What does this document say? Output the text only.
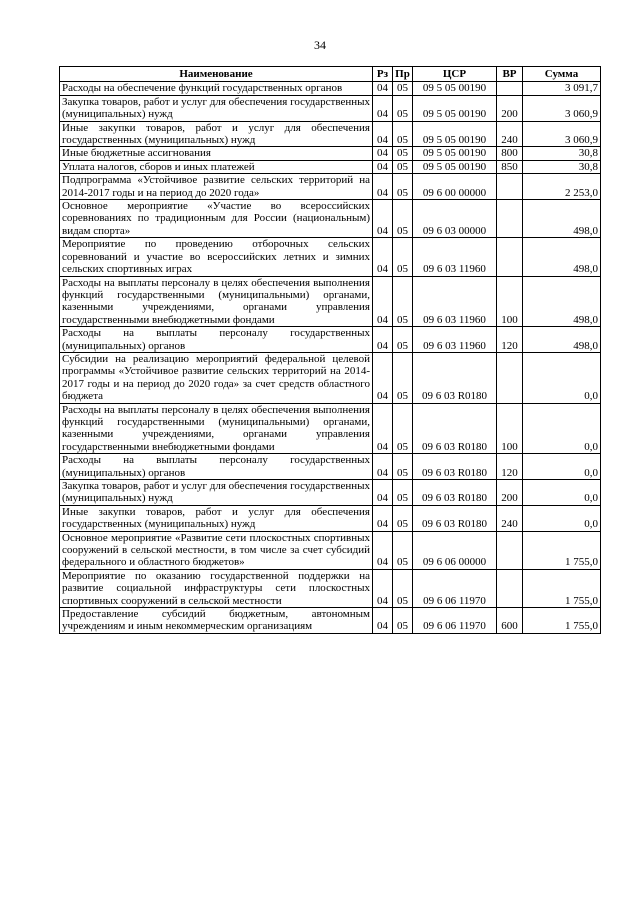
34
Наименование	Рз	Пр	ЦСР	ВР	Сумма
Расходы на обеспечение функций государственных органов	04	05	09 5 05 00190		3 091,7
Закупка товаров, работ и услуг для обеспечения государственных (муниципальных) нужд	04	05	09 5 05 00190	200	3 060,9
Иные закупки товаров, работ и услуг для обеспечения государственных (муниципальных) нужд	04	05	09 5 05 00190	240	3 060,9
Иные бюджетные ассигнования	04	05	09 5 05 00190	800	30,8
Уплата налогов, сборов и иных платежей	04	05	09 5 05 00190	850	30,8
Подпрограмма «Устойчивое развитие сельских территорий на 2014-2017 годы и на период до 2020 года»	04	05	09 6 00 00000		2 253,0
Основное мероприятие «Участие во всероссийских соревнованиях по традиционным для России (национальным) видам спорта»	04	05	09 6 03 00000		498,0
Мероприятие по проведению отборочных сельских соревнований и участие во всероссийских летних и зимних сельских спортивных играх	04	05	09 6 03 11960		498,0
Расходы на выплаты персоналу в целях обеспечения выполнения функций государственными (муниципальными) органами, казенными учреждениями, органами управления государственными внебюджетными фондами	04	05	09 6 03 11960	100	498,0
Расходы на выплаты персоналу государственных (муниципальных) органов	04	05	09 6 03 11960	120	498,0
Субсидии на реализацию мероприятий федеральной целевой программы «Устойчивое развитие сельских территорий на 2014-2017 годы и на период до 2020 года» за счет средств областного бюджета	04	05	09 6 03 R0180		0,0
Расходы на выплаты персоналу в целях обеспечения выполнения функций государственными (муниципальными) органами, казенными учреждениями, органами управления государственными внебюджетными фондами	04	05	09 6 03 R0180	100	0,0
Расходы на выплаты персоналу государственных (муниципальных) органов	04	05	09 6 03 R0180	120	0,0
Закупка товаров, работ и услуг для обеспечения государственных (муниципальных) нужд	04	05	09 6 03 R0180	200	0,0
Иные закупки товаров, работ и услуг для обеспечения государственных (муниципальных) нужд	04	05	09 6 03 R0180	240	0,0
Основное мероприятие «Развитие сети плоскостных спортивных сооружений в сельской местности, в том числе за счет субсидий федерального и областного бюджетов»	04	05	09 6 06 00000		1 755,0
Мероприятие по оказанию государственной поддержки на развитие социальной инфраструктуры сети плоскостных спортивных сооружений в сельской местности	04	05	09 6 06 11970		1 755,0
Предоставление субсидий бюджетным, автономным учреждениям и иным некоммерческим организациям	04	05	09 6 06 11970	600	1 755,0
